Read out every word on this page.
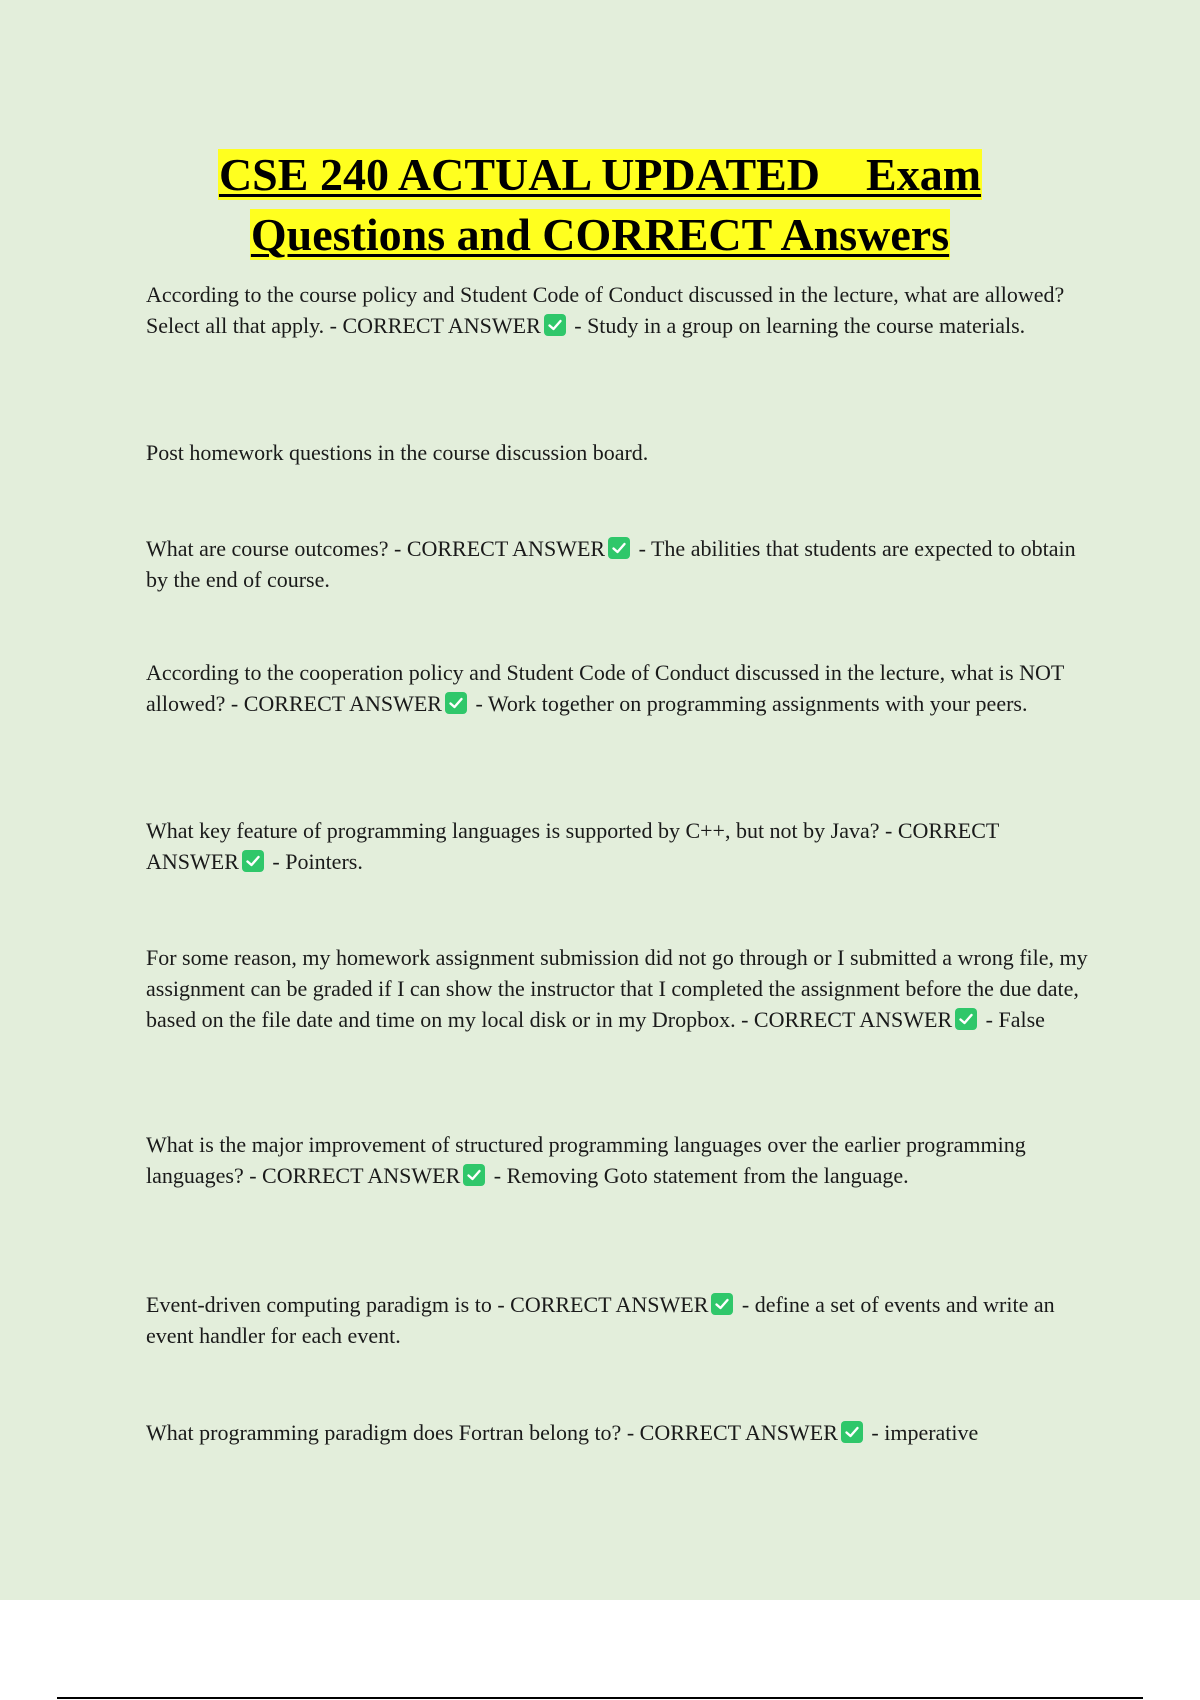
CSE 240 ACTUAL UPDATED    Exam
Questions and CORRECT Answers

According to the course policy and Student Code of Conduct discussed in the lecture, what are allowed? Select all that apply. - CORRECT ANSWER
- Study in a group on learning the course materials.

Post homework questions in the course discussion board.

What are course outcomes? - CORRECT ANSWER
- The abilities that students are expected to obtain by the end of course.

According to the cooperation policy and Student Code of Conduct discussed in the lecture, what is NOT allowed? - CORRECT ANSWER
- Work together on programming assignments with your peers.

What key feature of programming languages is supported by C++, but not by Java? - CORRECT ANSWER
- Pointers.

For some reason, my homework assignment submission did not go through or I submitted a wrong file, my assignment can be graded if I can show the instructor that I completed the assignment before the due date, based on the file date and time on my local disk or in my Dropbox. - CORRECT ANSWER
- False

What is the major improvement of structured programming languages over the earlier programming languages? - CORRECT ANSWER
- Removing Goto statement from the language.

Event-driven computing paradigm is to - CORRECT ANSWER
- define a set of events and write an event handler for each event.

What programming paradigm does Fortran belong to? - CORRECT ANSWER
- imperative
